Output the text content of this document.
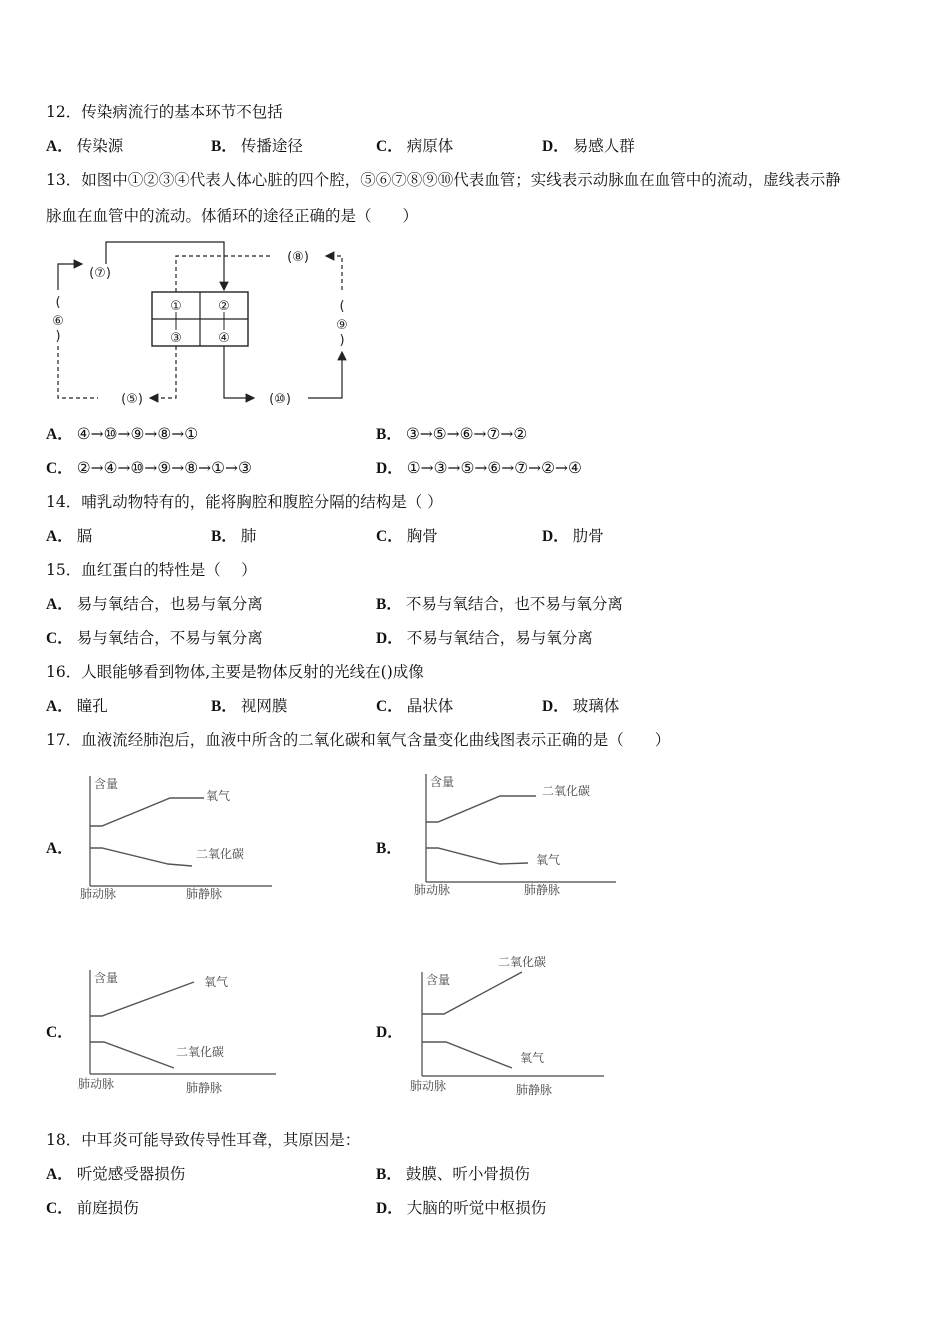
12．传染病流行的基本环节不包括
A． 传染源	B． 传播途径	C． 病原体	D． 易感人群
13．如图中①②③④代表人体心脏的四个腔，⑤⑥⑦⑧⑨⑩代表血管；实线表示动脉血在血管中的流动，虚线表示静
脉血在血管中的流动。体循环的途径正确的是（　　）
①	②
③	④
(⑦)
(
⑥
)
(⑤)
(⑧)
(
⑨
)
(⑩)
A． ④→⑩→⑨→⑧→①	B． ③→⑤→⑥→⑦→②
C． ②→④→⑩→⑨→⑧→①→③	D． ①→③→⑤→⑥→⑦→②→④
14．哺乳动物特有的，能将胸腔和腹腔分隔的结构是（ ）
A． 膈	B． 肺	C． 胸骨	D． 肋骨
15．血红蛋白的特性是（　 ）
A． 易与氧结合，也易与氧分离	B． 不易与氧结合，也不易与氧分离
C． 易与氧结合，不易与氧分离	D． 不易与氧结合，易与氧分离
16．人眼能够看到物体,主要是物体反射的光线在()成像
A． 瞳孔	B． 视网膜	C． 晶状体	D． 玻璃体
17．血液流经肺泡后，血液中所含的二氧化碳和氧气含量变化曲线图表示正确的是（　　）
A．
含量
氧气
二氧化碳
肺动脉	肺静脉
B．
含量
二氧化碳
氧气
肺动脉	肺静脉
C．
含量	氧气
二氧化碳
肺动脉	肺静脉
D．
含量
二氧化碳
氧气
肺动脉	肺静脉
18．中耳炎可能导致传导性耳聋，其原因是：
A． 听觉感受器损伤	B． 鼓膜、听小骨损伤
C． 前庭损伤	D． 大脑的听觉中枢损伤
